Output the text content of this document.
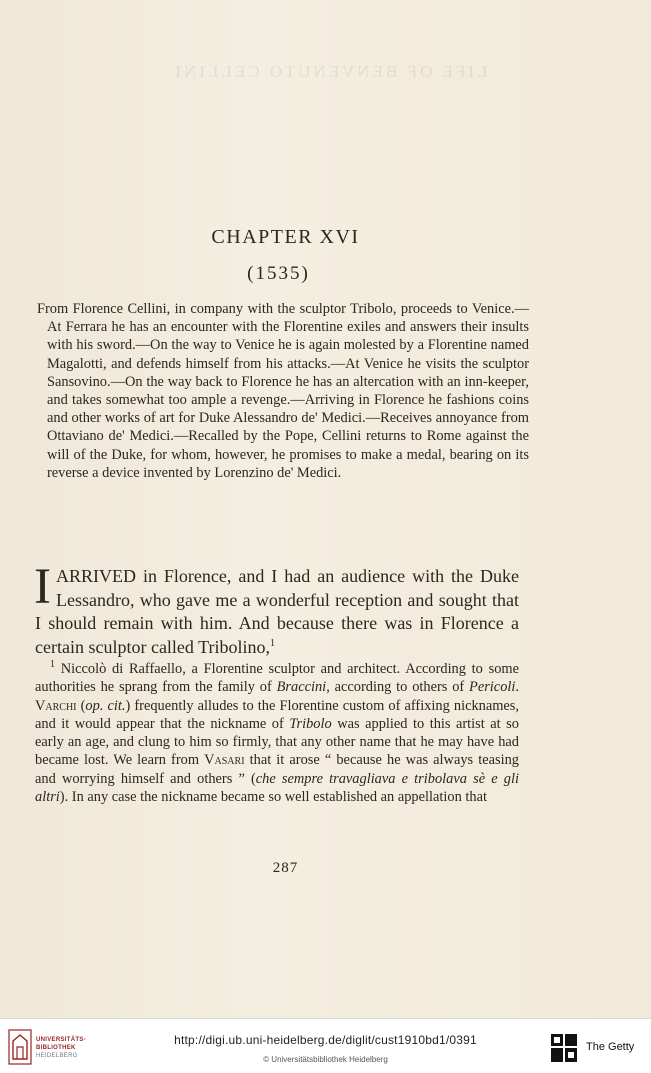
LIFE OF BENVENUTO CELLINI
CHAPTER XVI
(1535)
From Florence Cellini, in company with the sculptor Tribolo, proceeds to Venice.—At Ferrara he has an encounter with the Florentine exiles and answers their insults with his sword.—On the way to Venice he is again molested by a Florentine named Magalotti, and defends himself from his attacks.—At Venice he visits the sculptor Sansovino.—On the way back to Florence he has an altercation with an inn-keeper, and takes somewhat too ample a revenge.—Arriving in Florence he fashions coins and other works of art for Duke Alessandro de' Medici.—Receives annoyance from Ottaviano de' Medici.—Recalled by the Pope, Cellini returns to Rome against the will of the Duke, for whom, however, he promises to make a medal, bearing on its reverse a device invented by Lorenzino de' Medici.
IARRIVED in Florence, and I had an audience with the Duke Lessandro, who gave me a wonderful reception and sought that I should remain with him. And because there was in Florence a certain sculptor called Tribolino,$^1$
$^1$ Niccolò di Raffaello, a Florentine sculptor and architect. According to some authorities he sprang from the family of Braccini, according to others of Pericoli. Varchi (op. cit.) frequently alludes to the Florentine custom of affixing nicknames, and it would appear that the nickname of Tribolo was applied to this artist at so early an age, and clung to him so firmly, that any other name that he may have had became lost. We learn from Vasari that it arose “ because he was always teasing and worrying himself and others ” (che sempre travagliava e tribolava sè e gli altri). In any case the nickname became so well established an appellation that
287
UNIVERSITÄTS-
BIBLIOTHEK
HEIDELBERG
http://digi.ub.uni-heidelberg.de/diglit/cust1910bd1/0391
© Universitätsbibliothek Heidelberg
The Getty
